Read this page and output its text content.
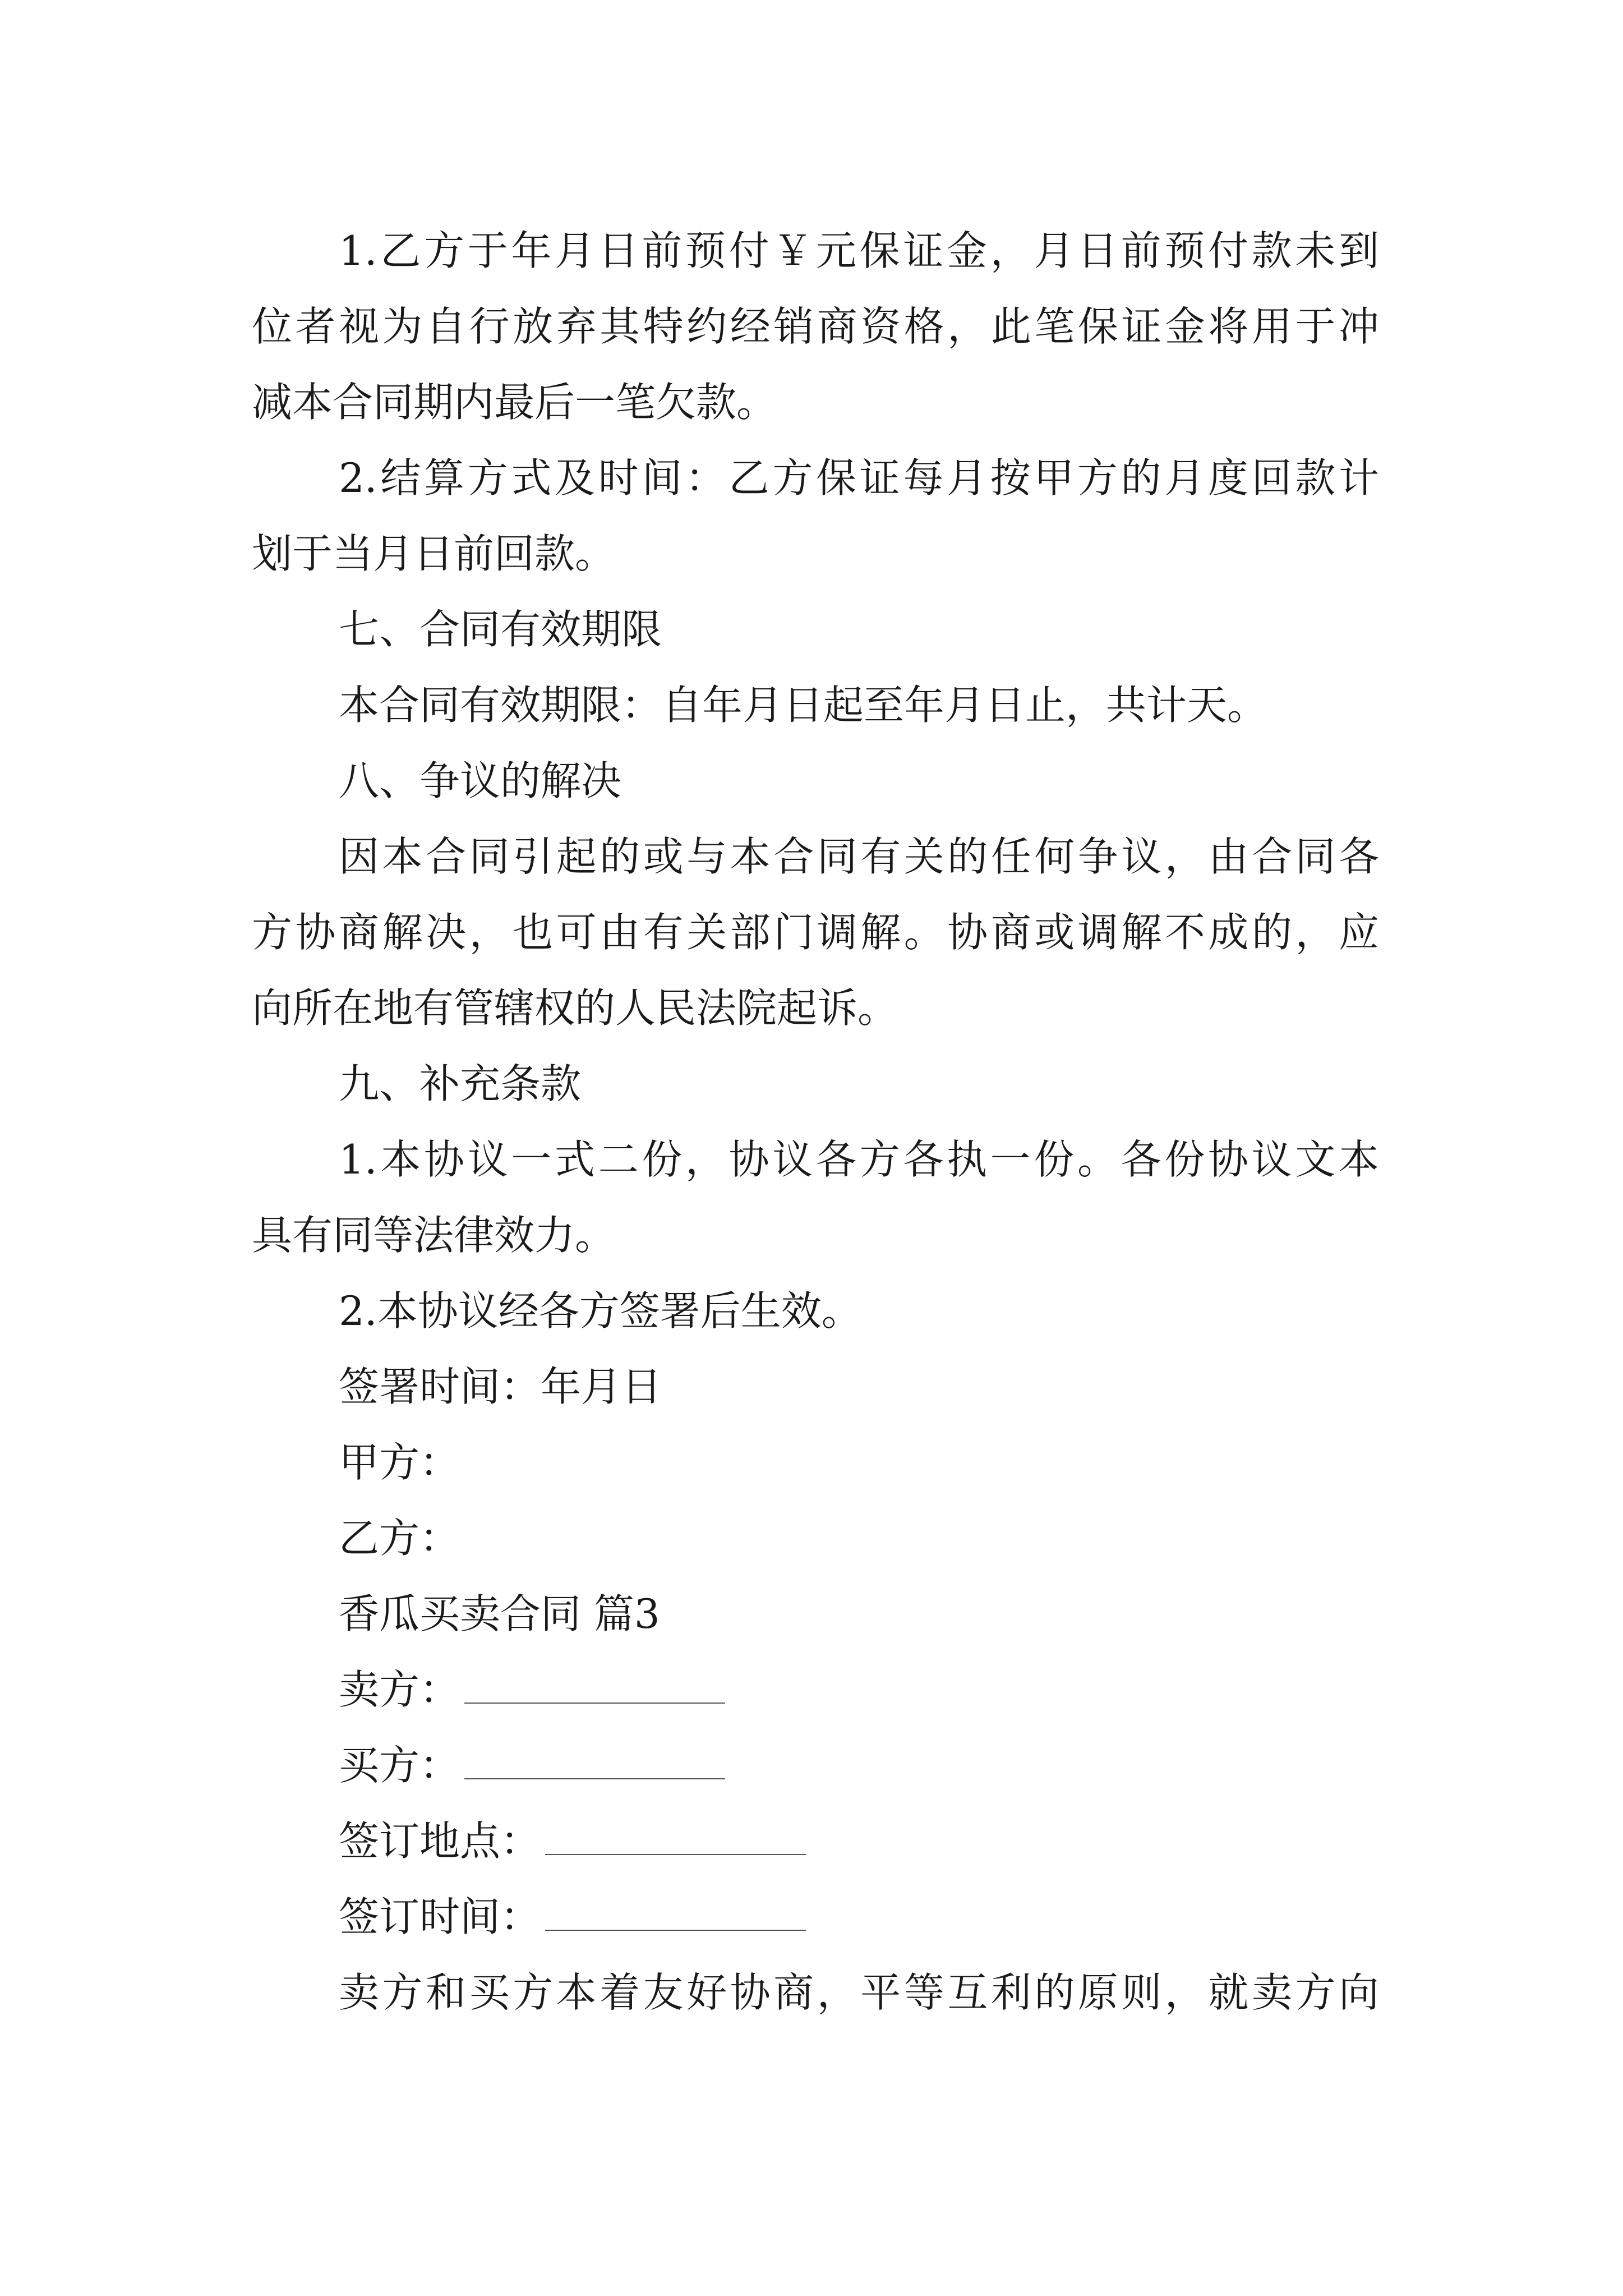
1.乙方于年月日前预付￥元保证金，月日前预付款未到

位者视为自行放弃其特约经销商资格，此笔保证金将用于冲

减本合同期内最后一笔欠款。

2.结算方式及时间：乙方保证每月按甲方的月度回款计

划于当月日前回款。

七、合同有效期限

本合同有效期限：自年月日起至年月日止，共计天。

八、争议的解决

因本合同引起的或与本合同有关的任何争议，由合同各

方协商解决，也可由有关部门调解。协商或调解不成的，应

向所在地有管辖权的人民法院起诉。

九、补充条款

1.本协议一式二份，协议各方各执一份。各份协议文本

具有同等法律效力。

2.本协议经各方签署后生效。

签署时间：年月日

甲方：

乙方：

香瓜买卖合同 篇3

卖方：

买方：

签订地点：

签订时间：

卖方和买方本着友好协商，平等互利的原则，就卖方向
